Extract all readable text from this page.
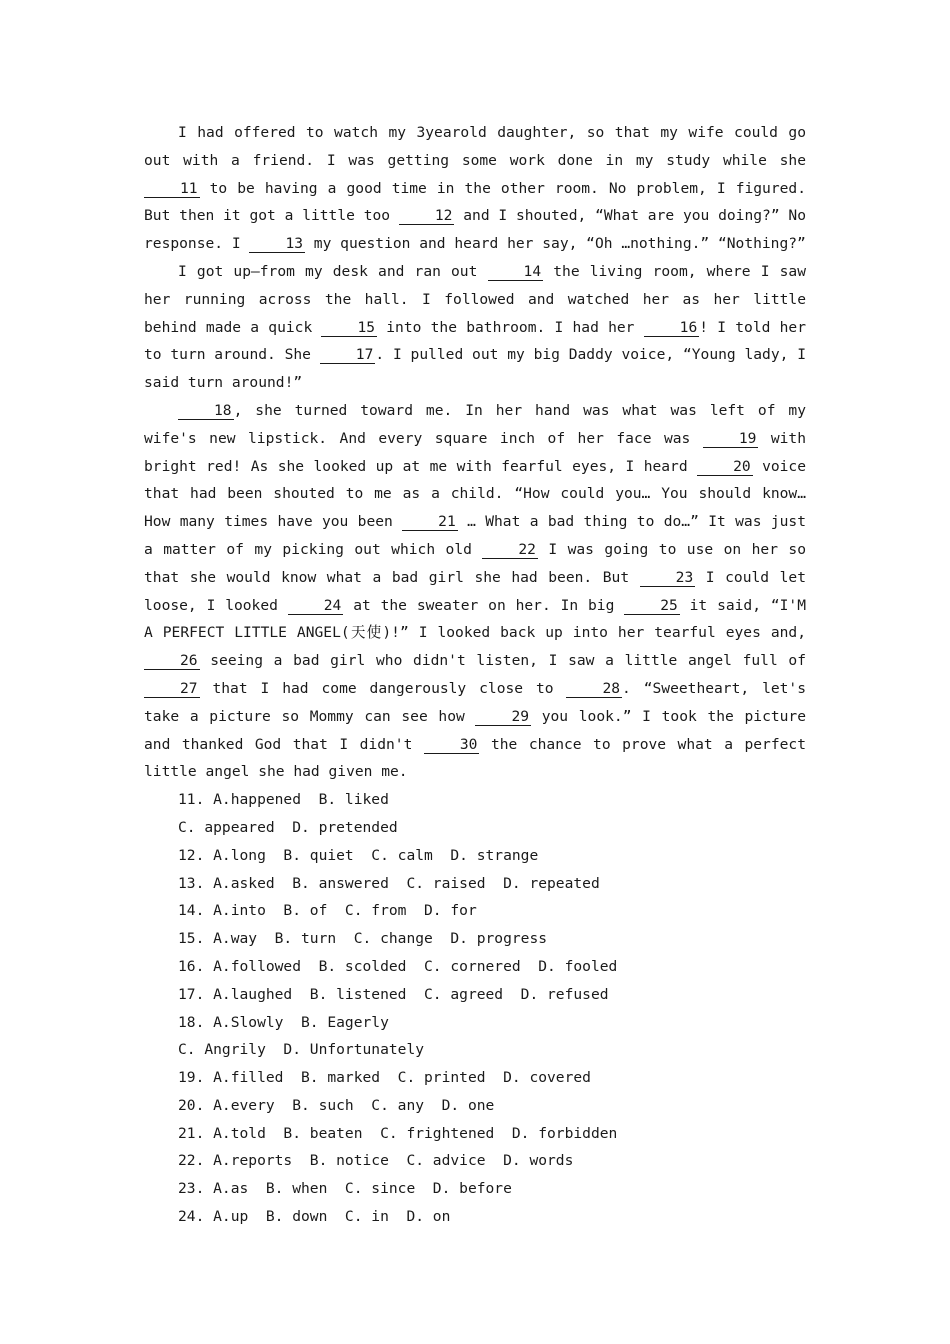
I had offered to watch my 3yearold daughter, so that my wife could go out with a friend. I was getting some work done in my study while she 11 to be having a good time in the other room. No problem, I figured. But then it got a little too 12 and I shouted, “What are you doing?” No response. I 13 my question and heard her say, “Oh …nothing.” “Nothing?”

I got up—from my desk and ran out 14 the living room, where I saw her running across the hall. I followed and watched her as her little behind made a quick 15 into the bathroom. I had her 16 ! I told her to turn around. She 17 . I pulled out my big Daddy voice, “Young lady, I said turn around!”

18 , she turned toward me. In her hand was what was left of my wife's new lipstick. And every square inch of her face was 19 with bright red! As she looked up at me with fearful eyes, I heard 20 voice that had been shouted to me as a child. “How could you… You should know… How many times have you been 21 … What a bad thing to do…” It was just a matter of my picking out which old 22 I was going to use on her so that she would know what a bad girl she had been. But 23 I could let loose, I looked 24 at the sweater on her. In big 25 it said, “I'M A PERFECT LITTLE ANGEL(天使)!” I looked back up into her tearful eyes and, 26 seeing a bad girl who didn't listen, I saw a little angel full of 27 that I had come dangerously close to 28 . “Sweetheart, let's take a picture so Mommy can see how 29 you look.” I took the picture and thanked God that I didn't 30 the chance to prove what a perfect little angel she had given me.

11. A.happened  B. liked
C. appeared  D. pretended
12. A.long  B. quiet  C. calm  D. strange
13. A.asked  B. answered  C. raised  D. repeated
14. A.into  B. of  C. from  D. for
15. A.way  B. turn  C. change  D. progress
16. A.followed  B. scolded  C. cornered  D. fooled
17. A.laughed  B. listened  C. agreed  D. refused
18. A.Slowly  B. Eagerly
C. Angrily  D. Unfortunately
19. A.filled  B. marked  C. printed  D. covered
20. A.every  B. such  C. any  D. one
21. A.told  B. beaten  C. frightened  D. forbidden
22. A.reports  B. notice  C. advice  D. words
23. A.as  B. when  C. since  D. before
24. A.up  B. down  C. in  D. on
